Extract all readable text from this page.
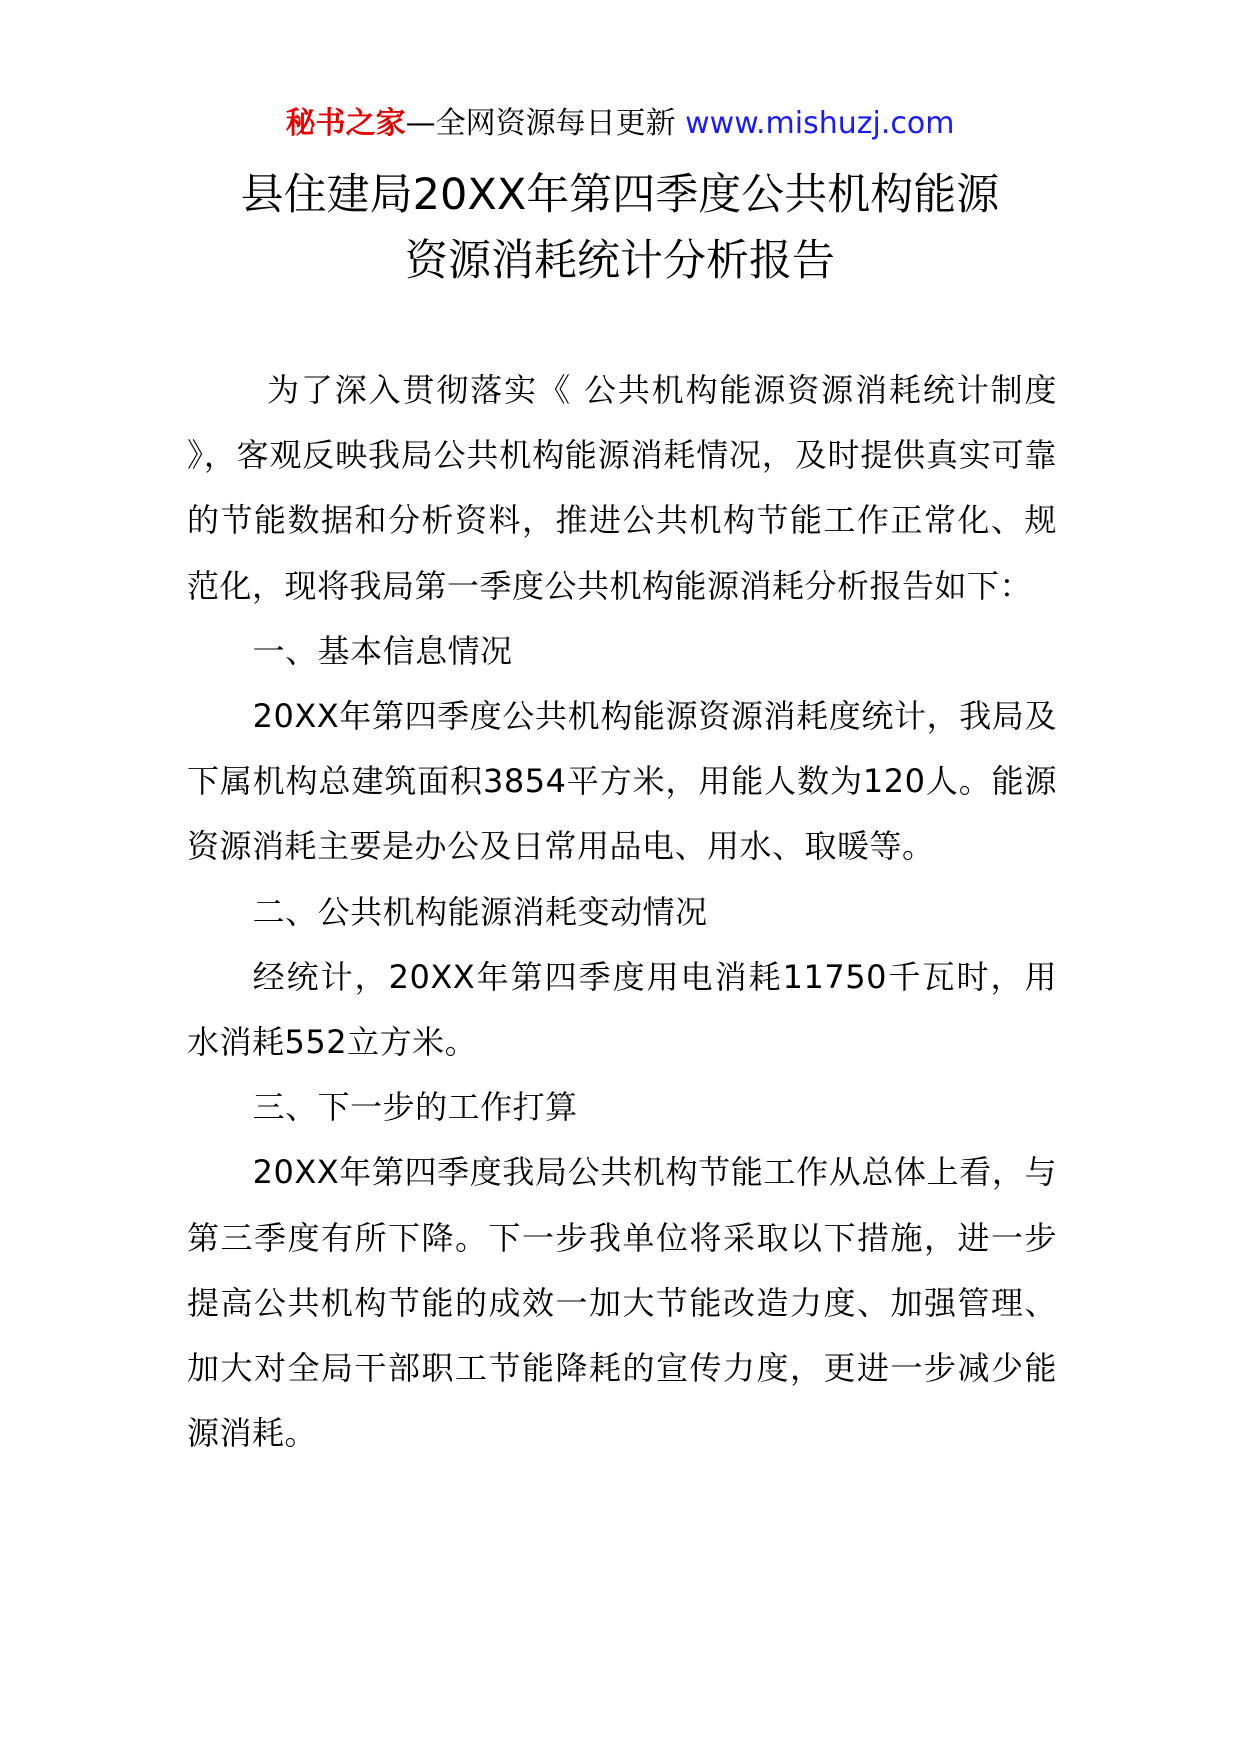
秘书之家—全网资源每日更新 www.mishuzj.com
县住建局20XX年第四季度公共机构能源
资源消耗统计分析报告

为了深入贯彻落实《 公共机构能源资源消耗统计制度 》，客观反映我局公共机构能源消耗情况，及时提供真实可靠的节能数据和分析资料，推进公共机构节能工作正常化、规范化，现将我局第一季度公共机构能源消耗分析报告如下：

一、基本信息情况

20XX年第四季度公共机构能源资源消耗度统计，我局及下属机构总建筑面积3854平方米，用能人数为120人。能源资源消耗主要是办公及日常用品电、用水、取暖等。

二、公共机构能源消耗变动情况

经统计，20XX年第四季度用电消耗11750千瓦时，用水消耗552立方米。

三、下一步的工作打算

20XX年第四季度我局公共机构节能工作从总体上看，与第三季度有所下降。下一步我单位将采取以下措施，进一步提高公共机构节能的成效一加大节能改造力度、加强管理、加大对全局干部职工节能降耗的宣传力度，更进一步减少能源消耗。
